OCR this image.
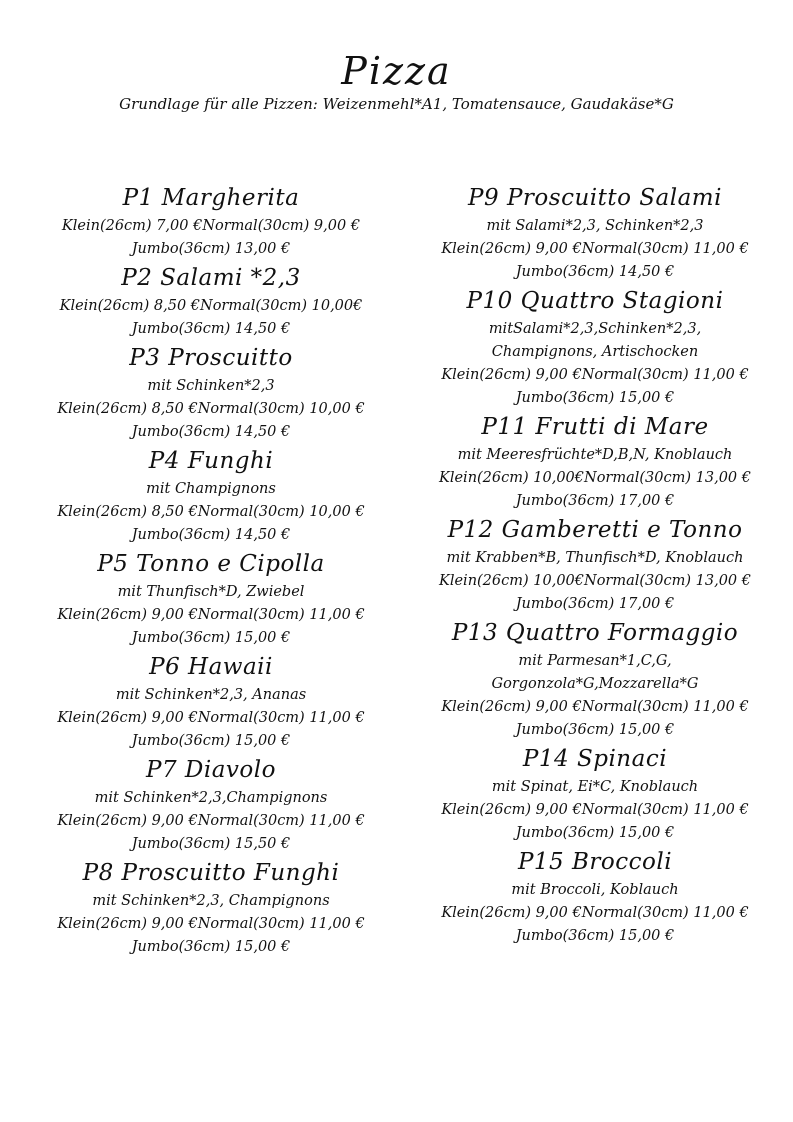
Pizza

Grundlage für alle Pizzen: Weizenmehl*A1, Tomatensauce, Gaudakäse*G

P1 Margherita

Klein(26cm) 7,00 €Normal(30cm) 9,00 €

Jumbo(36cm) 13,00 €

P2 Salami *2,3

Klein(26cm) 8,50 €Normal(30cm) 10,00€

Jumbo(36cm) 14,50 €

P3 Proscuitto

mit Schinken*2,3

Klein(26cm) 8,50 €Normal(30cm) 10,00 €

Jumbo(36cm) 14,50 €

P4 Funghi

mit Champignons

Klein(26cm) 8,50 €Normal(30cm) 10,00 €

Jumbo(36cm) 14,50 €

P5 Tonno e Cipolla

mit Thunfisch*D, Zwiebel

Klein(26cm) 9,00 €Normal(30cm) 11,00 €

Jumbo(36cm) 15,00 €

P6 Hawaii

mit Schinken*2,3, Ananas

Klein(26cm) 9,00 €Normal(30cm) 11,00 €

Jumbo(36cm) 15,00 €

P7 Diavolo

mit Schinken*2,3,Champignons

Klein(26cm) 9,00 €Normal(30cm) 11,00 €

Jumbo(36cm) 15,50 €

P8 Proscuitto Funghi

mit Schinken*2,3, Champignons

Klein(26cm) 9,00 €Normal(30cm) 11,00 €

Jumbo(36cm) 15,00 €

P9 Proscuitto Salami

mit Salami*2,3, Schinken*2,3

Klein(26cm) 9,00 €Normal(30cm) 11,00 €

Jumbo(36cm) 14,50 €

P10 Quattro Stagioni

mitSalami*2,3,Schinken*2,3,

Champignons, Artischocken

Klein(26cm) 9,00 €Normal(30cm) 11,00 €

Jumbo(36cm) 15,00 €

P11 Frutti di Mare

mit Meeresfrüchte*D,B,N, Knoblauch

Klein(26cm) 10,00€Normal(30cm) 13,00 €

Jumbo(36cm) 17,00 €

P12 Gamberetti e Tonno

mit Krabben*B, Thunfisch*D, Knoblauch

Klein(26cm) 10,00€Normal(30cm) 13,00 €

Jumbo(36cm) 17,00 €

P13 Quattro Formaggio

mit Parmesan*1,C,G,

Gorgonzola*G,Mozzarella*G

Klein(26cm) 9,00 €Normal(30cm) 11,00 €

Jumbo(36cm) 15,00 €

P14 Spinaci

mit Spinat, Ei*C, Knoblauch

Klein(26cm) 9,00 €Normal(30cm) 11,00 €

Jumbo(36cm) 15,00 €

P15 Broccoli

mit Broccoli, Koblauch

Klein(26cm) 9,00 €Normal(30cm) 11,00 €

Jumbo(36cm) 15,00 €
